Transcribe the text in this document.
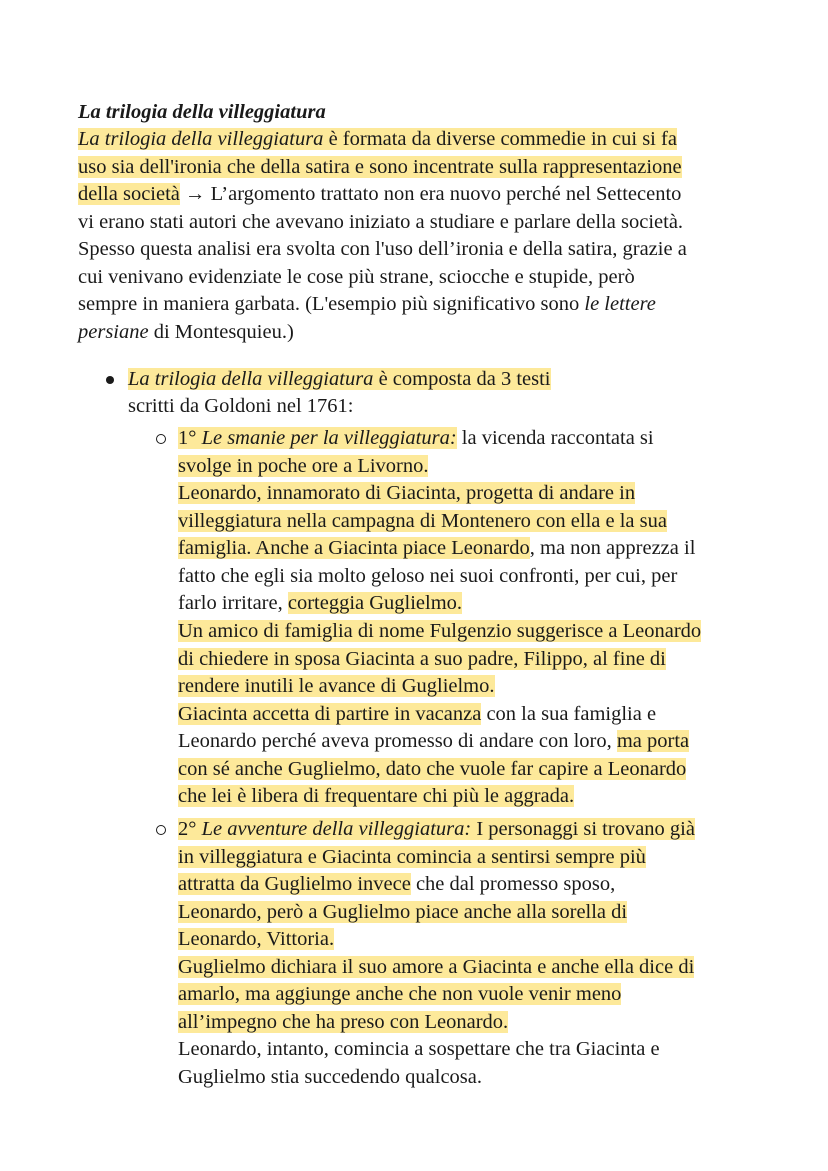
La trilogia della villeggiatura
La trilogia della villeggiatura è formata da diverse commedie in cui si fa
uso sia dell'ironia che della satira e sono incentrate sulla rappresentazione
della società → L’argomento trattato non era nuovo perché nel Settecento
vi erano stati autori che avevano iniziato a studiare e parlare della società.
Spesso questa analisi era svolta con l'uso dell’ironia e della satira, grazie a
cui venivano evidenziate le cose più strane, sciocche e stupide, però
sempre in maniera garbata. (L'esempio più significativo sono le lettere
persiane di Montesquieu.)
La trilogia della villeggiatura è composta da 3 testi
scritti da Goldoni nel 1761:
1° Le smanie per la villeggiatura: la vicenda raccontata si
svolge in poche ore a Livorno.
Leonardo, innamorato di Giacinta, progetta di andare in
villeggiatura nella campagna di Montenero con ella e la sua
famiglia. Anche a Giacinta piace Leonardo, ma non apprezza il
fatto che egli sia molto geloso nei suoi confronti, per cui, per
farlo irritare, corteggia Guglielmo.
Un amico di famiglia di nome Fulgenzio suggerisce a Leonardo
di chiedere in sposa Giacinta a suo padre, Filippo, al fine di
rendere inutili le avance di Guglielmo.
Giacinta accetta di partire in vacanza con la sua famiglia e
Leonardo perché aveva promesso di andare con loro, ma porta
con sé anche Guglielmo, dato che vuole far capire a Leonardo
che lei è libera di frequentare chi più le aggrada.
2° Le avventure della villeggiatura: I personaggi si trovano già
in villeggiatura e Giacinta comincia a sentirsi sempre più
attratta da Guglielmo invece che dal promesso sposo,
Leonardo, però a Guglielmo piace anche alla sorella di
Leonardo, Vittoria.
Guglielmo dichiara il suo amore a Giacinta e anche ella dice di
amarlo, ma aggiunge anche che non vuole venir meno
all’impegno che ha preso con Leonardo.
Leonardo, intanto, comincia a sospettare che tra Giacinta e
Guglielmo stia succedendo qualcosa.
